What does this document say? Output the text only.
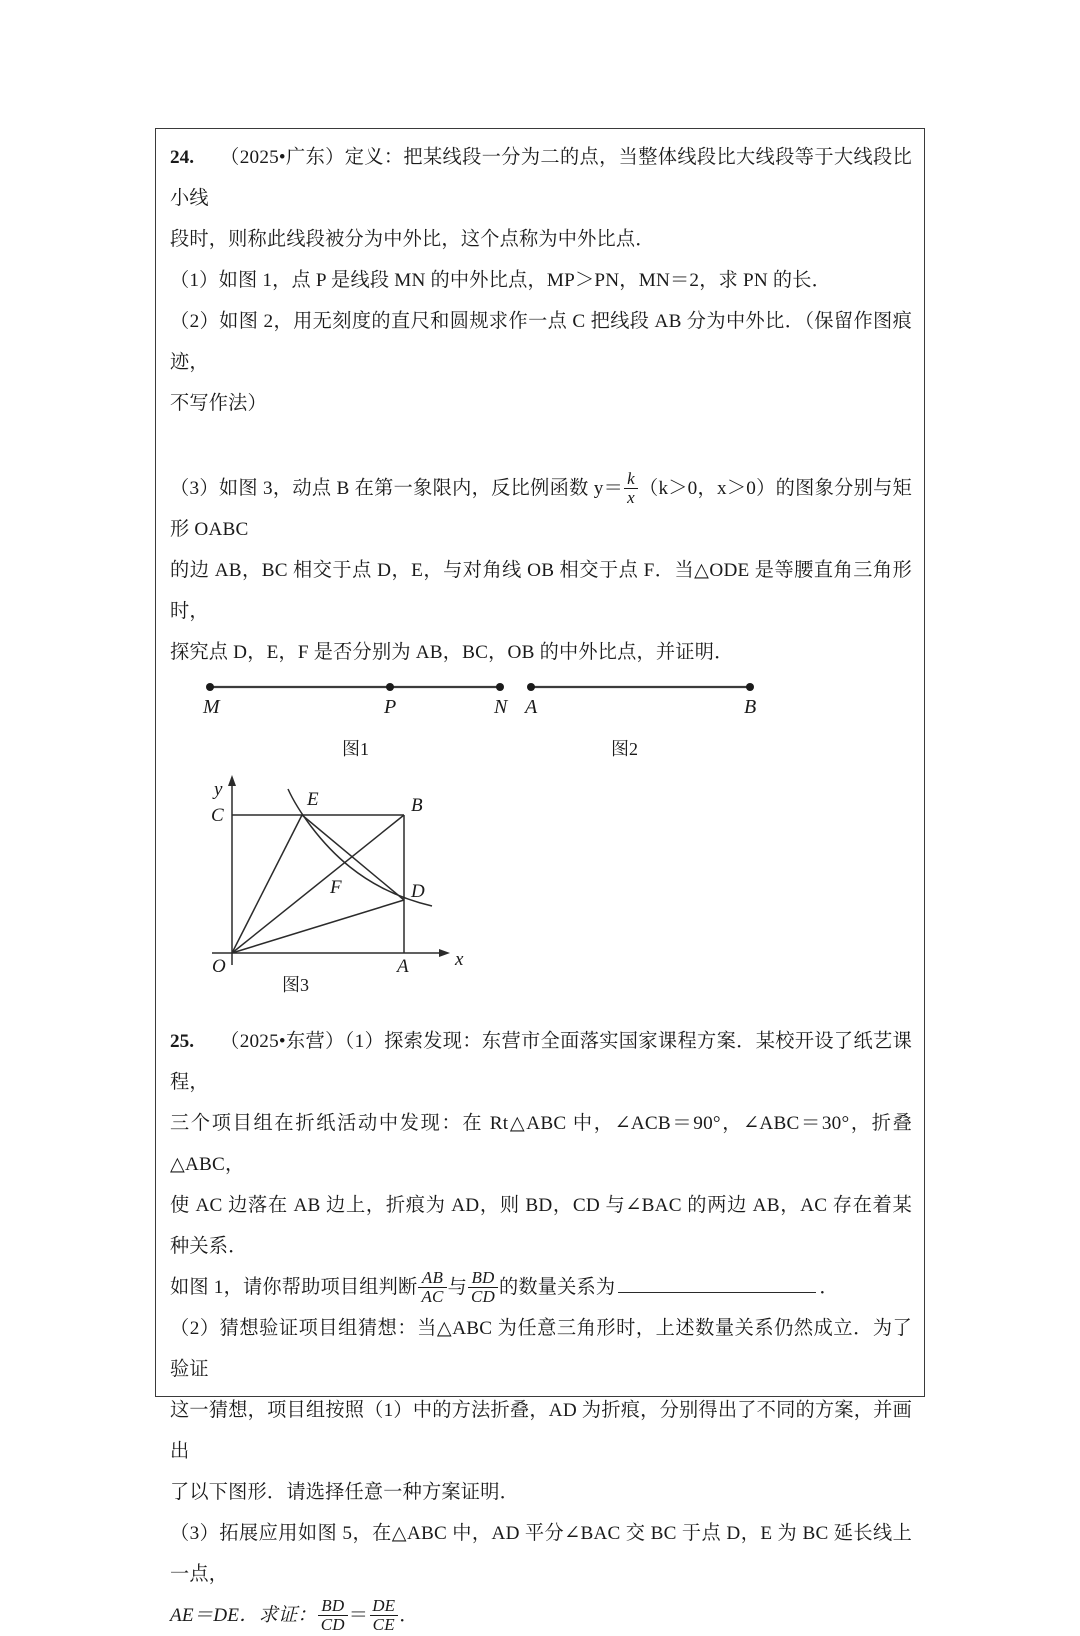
24. （2025•广东）定义：把某线段一分为二的点，当整体线段比大线段等于大线段比小线

段时，则称此线段被分为中外比，这个点称为中外比点．

（1）如图 1，点 P 是线段 MN 的中外比点，MP＞PN，MN＝2，求 PN 的长．

（2）如图 2，用无刻度的直尺和圆规求作一点 C 把线段 AB 分为中外比．（保留作图痕迹，

不写作法）

（3）如图 3，动点 B 在第一象限内，反比例函数 $y= \frac{k}{x} (k>0$，x＞0）的图象分别与矩形 OABC

的边 AB，BC 相交于点 D，E，与对角线 OB 相交于点 F．当△ODE 是等腰直角三角形时，

探究点 D，E，F 是否分别为 AB，BC，OB 的中外比点，并证明．

M	P	N A	B
图1	图2
O	A
B
C
D
E
F
x
y
图3

25. （2025•东营）（1）探索发现：东营市全面落实国家课程方案．某校开设了纸艺课程，

三个项目组在折纸活动中发现：在 Rt△ABC 中，∠ACB＝90°，∠ABC＝30°，折叠△ABC，

使 AC 边落在 AB 边上，折痕为 AD，则 BD，CD 与∠BAC 的两边 AB，AC 存在着某种关系．

如图 1，请你帮助项目组判断 $\frac{AB}{AC}$ 与 $\frac{BD}{CD}$ 的数量关系为	．

（2）猜想验证项目组猜想：当△ABC 为任意三角形时，上述数量关系仍然成立．为了验证

这一猜想，项目组按照（1）中的方法折叠，AD 为折痕，分别得出了不同的方案，并画出

了以下图形．请选择任意一种方案证明．

（3）拓展应用如图 5，在△ABC 中，AD 平分∠BAC 交 BC 于点 D，E 为 BC 延长线上一点，

AE＝DE．求证： $\frac{BD}{CD} = \frac{DE}{CE}$ ．
